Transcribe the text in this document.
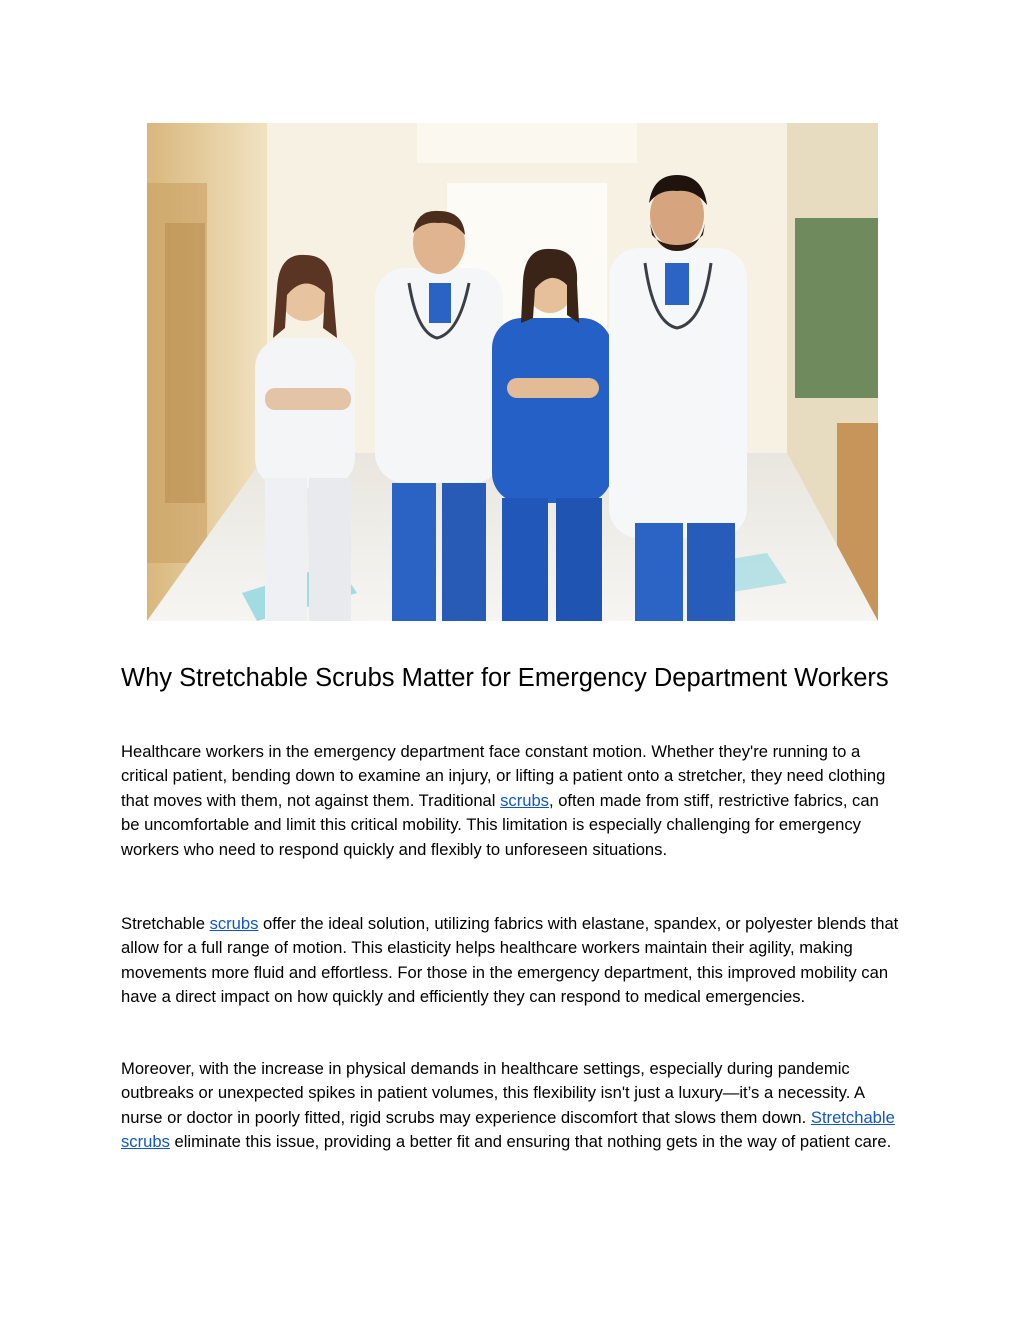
Why Stretchable Scrubs Matter for Emergency Department Workers

Healthcare workers in the emergency department face constant motion. Whether they're running to a critical patient, bending down to examine an injury, or lifting a patient onto a stretcher, they need clothing that moves with them, not against them. Traditional scrubs, often made from stiff, restrictive fabrics, can be uncomfortable and limit this critical mobility. This limitation is especially challenging for emergency workers who need to respond quickly and flexibly to unforeseen situations.

Stretchable scrubs offer the ideal solution, utilizing fabrics with elastane, spandex, or polyester blends that allow for a full range of motion. This elasticity helps healthcare workers maintain their agility, making movements more fluid and effortless. For those in the emergency department, this improved mobility can have a direct impact on how quickly and efficiently they can respond to medical emergencies.

Moreover, with the increase in physical demands in healthcare settings, especially during pandemic outbreaks or unexpected spikes in patient volumes, this flexibility isn't just a luxury—it’s a necessity. A nurse or doctor in poorly fitted, rigid scrubs may experience discomfort that slows them down. Stretchable scrubs eliminate this issue, providing a better fit and ensuring that nothing gets in the way of patient care.
